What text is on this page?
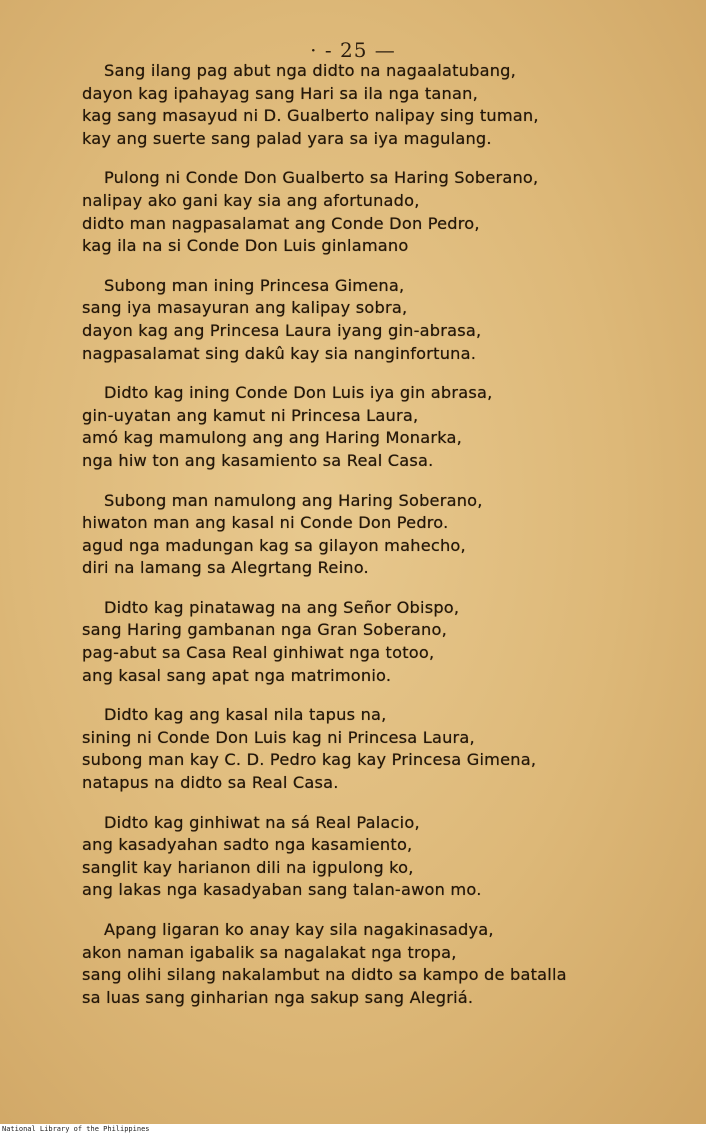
· - 25 —
Sang ilang pag abut nga didto na nagaalatubang,
dayon kag ipahayag sang Hari sa ila nga tanan,
kag sang masayud ni D. Gualberto nalipay sing tuman,
kay ang suerte sang palad yara sa iya magulang.
Pulong ni Conde Don Gualberto sa Haring Soberano,
nalipay ako gani kay sia ang afortunado,
didto man nagpasalamat ang Conde Don Pedro,
kag ila na si Conde Don Luis ginlamano
Subong man ining Princesa Gimena,
sang iya masayuran ang kalipay sobra,
dayon kag ang Princesa Laura iyang gin-abrasa,
nagpasalamat sing dakû kay sia nanginfortuna.
Didto kag ining Conde Don Luis iya gin abrasa,
gin-uyatan ang kamut ni Princesa Laura,
amó kag mamulong ang ang Haring Monarka,
nga hiw ton ang kasamiento sa Real Casa.
Subong man namulong ang Haring Soberano,
hiwaton man ang kasal ni Conde Don Pedro.
agud nga madungan kag sa gilayon mahecho,
diri na lamang sa Alegrtang Reino.
Didto kag pinatawag na ang Señor Obispo,
sang Haring gambanan nga Gran Soberano,
pag-abut sa Casa Real ginhiwat nga totoo,
ang kasal sang apat nga matrimonio.
Didto kag ang kasal nila tapus na,
sining ni Conde Don Luis kag ni Princesa Laura,
subong man kay C. D. Pedro kag kay Princesa Gimena,
natapus na didto sa Real Casa.
Didto kag ginhiwat na sá Real Palacio,
ang kasadyahan sadto nga kasamiento,
sanglit kay harianon dili na igpulong ko,
ang lakas nga kasadyaban sang talan-awon mo.
Apang ligaran ko anay kay sila nagakinasadya,
akon naman igabalik sa nagalakat nga tropa,
sang olihi silang nakalambut na didto sa kampo de batalla
sa luas sang ginharian nga sakup sang Alegriá.
National Library of the Philippines
